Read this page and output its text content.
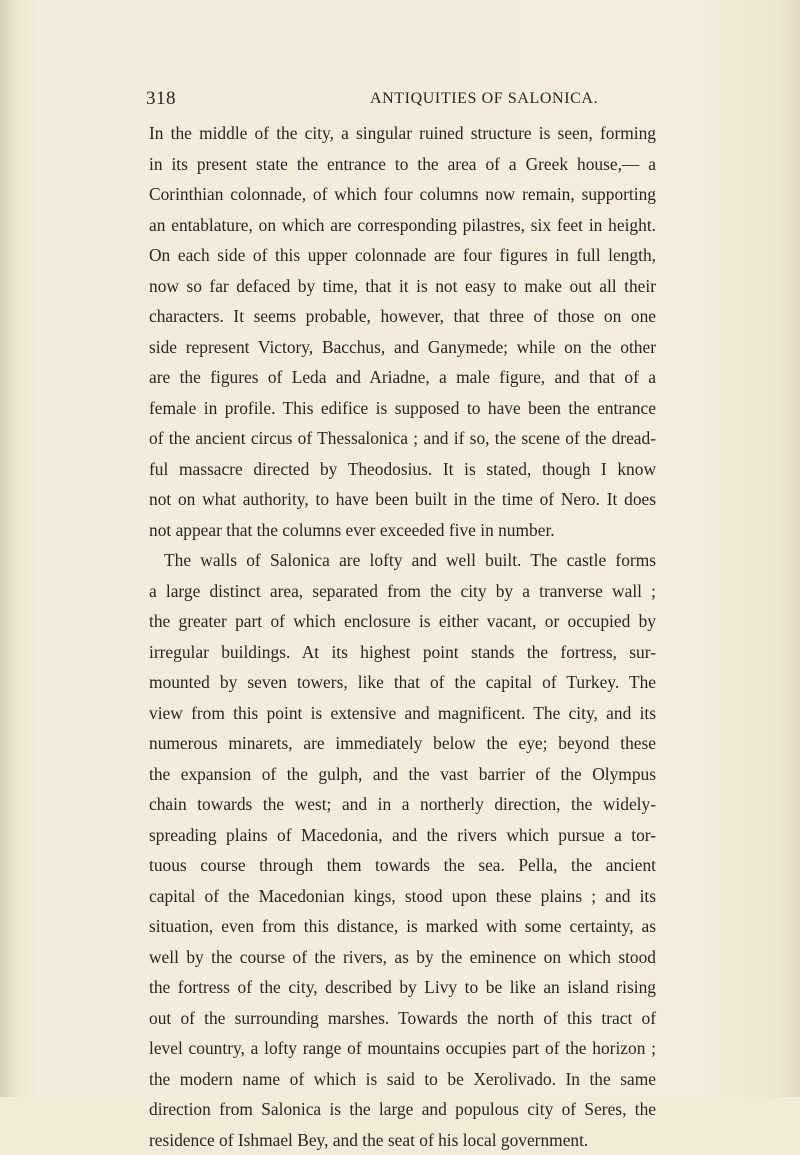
318	ANTIQUITIES OF SALONICA.
In the middle of the city, a singular ruined structure is seen, forming
in its present state the entrance to the area of a Greek house,— a
Corinthian colonnade, of which four columns now remain, supporting
an entablature, on which are corresponding pilastres, six feet in height.
On each side of this upper colonnade are four figures in full length,
now so far defaced by time, that it is not easy to make out all their
characters. It seems probable, however, that three of those on one
side represent Victory, Bacchus, and Ganymede; while on the other
are the figures of Leda and Ariadne, a male figure, and that of a
female in profile. This edifice is supposed to have been the entrance
of the ancient circus of Thessalonica ; and if so, the scene of the dread-
ful massacre directed by Theodosius. It is stated, though I know
not on what authority, to have been built in the time of Nero. It does
not appear that the columns ever exceeded five in number.
The walls of Salonica are lofty and well built. The castle forms
a large distinct area, separated from the city by a tranverse wall ;
the greater part of which enclosure is either vacant, or occupied by
irregular buildings. At its highest point stands the fortress, sur-
mounted by seven towers, like that of the capital of Turkey. The
view from this point is extensive and magnificent. The city, and its
numerous minarets, are immediately below the eye; beyond these
the expansion of the gulph, and the vast barrier of the Olympus
chain towards the west; and in a northerly direction, the widely-
spreading plains of Macedonia, and the rivers which pursue a tor-
tuous course through them towards the sea. Pella, the ancient
capital of the Macedonian kings, stood upon these plains ; and its
situation, even from this distance, is marked with some certainty, as
well by the course of the rivers, as by the eminence on which stood
the fortress of the city, described by Livy to be like an island rising
out of the surrounding marshes. Towards the north of this tract of
level country, a lofty range of mountains occupies part of the horizon ;
the modern name of which is said to be Xerolivado. In the same
direction from Salonica is the large and populous city of Seres, the
residence of Ishmael Bey, and the seat of his local government.
